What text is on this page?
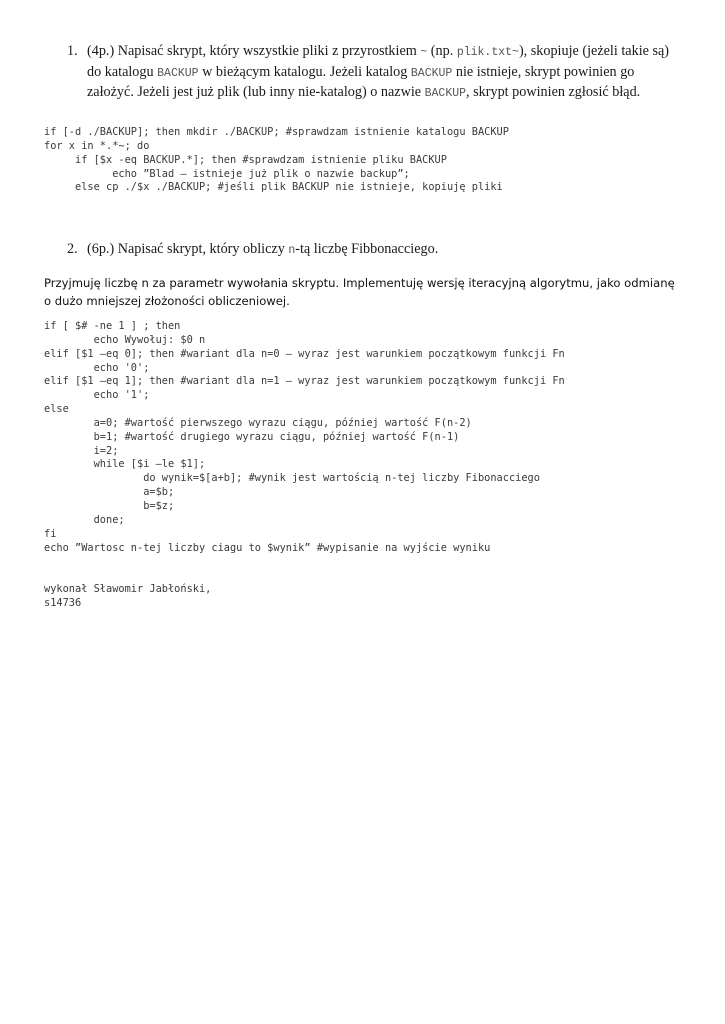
1. (4p.) Napisać skrypt, który wszystkie pliki z przyrostkiem ~ (np. plik.txt~), skopiuje (jeżeli takie są) do katalogu BACKUP w bieżącym katalogu. Jeżeli katalog BACKUP nie istnieje, skrypt powinien go założyć. Jeżeli jest już plik (lub inny nie-katalog) o nazwie BACKUP, skrypt powinien zgłosić błąd.
if [-d ./BACKUP]; then mkdir ./BACKUP; #sprawdzam istnienie katalogu BACKUP
for x in *.*~; do
if [$x -eq BACKUP.*]; then #sprawdzam istnienie pliku BACKUP
echo ”Blad – istnieje już plik o nazwie backup”;
else cp ./$x ./BACKUP; #jeśli plik BACKUP nie istnieje, kopiuję pliki
2. (6p.) Napisać skrypt, który obliczy n-tą liczbę Fibbonacciego.
Przyjmuję liczbę n za parametr wywołania skryptu. Implementuję wersję iteracyjną algorytmu, jako odmianę o dużo mniejszej złożoności obliczeniowej.
if [ $# -ne 1 ] ; then
echo Wywołuj: $0 n
elif [$1 –eq 0]; then #wariant dla n=0 – wyraz jest warunkiem początkowym funkcji Fn
echo '0';
elif [$1 –eq 1]; then #wariant dla n=1 – wyraz jest warunkiem początkowym funkcji Fn
echo '1';
else
a=0; #wartość pierwszego wyrazu ciągu, później wartość F(n-2)
b=1; #wartość drugiego wyrazu ciągu, później wartość F(n-1)
i=2;
while [$i –le $1];
do wynik=$[a+b]; #wynik jest wartością n-tej liczby Fibonacciego
a=$b;
b=$z;
done;
fi
echo ”Wartosc n-tej liczby ciagu to $wynik” #wypisanie na wyjście wyniku
wykonał Sławomir Jabłoński,
s14736
